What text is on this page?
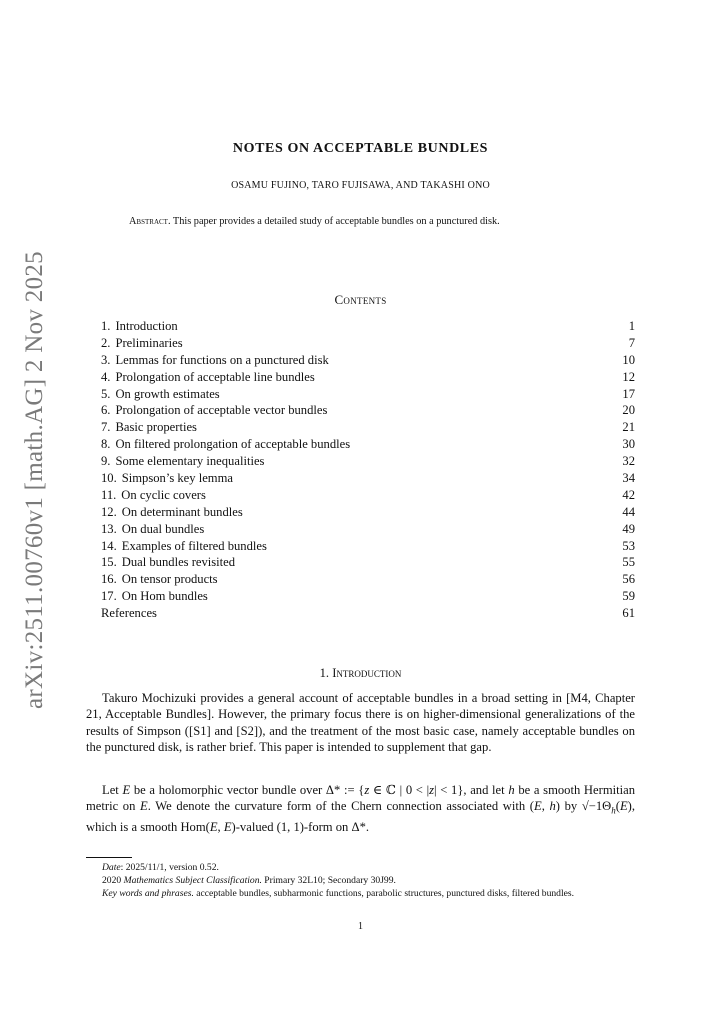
arXiv:2511.00760v1 [math.AG] 2 Nov 2025
NOTES ON ACCEPTABLE BUNDLES
OSAMU FUJINO, TARO FUJISAWA, AND TAKASHI ONO
Abstract. This paper provides a detailed study of acceptable bundles on a punctured disk.
Contents
1. Introduction	1
2. Preliminaries	7
3. Lemmas for functions on a punctured disk	10
4. Prolongation of acceptable line bundles	12
5. On growth estimates	17
6. Prolongation of acceptable vector bundles	20
7. Basic properties	21
8. On filtered prolongation of acceptable bundles	30
9. Some elementary inequalities	32
10. Simpson’s key lemma	34
11. On cyclic covers	42
12. On determinant bundles	44
13. On dual bundles	49
14. Examples of filtered bundles	53
15. Dual bundles revisited	55
16. On tensor products	56
17. On Hom bundles	59
References	61
1. Introduction

Takuro Mochizuki provides a general account of acceptable bundles in a broad setting in [M4, Chapter 21, Acceptable Bundles]. However, the primary focus there is on higher-dimensional generalizations of the results of Simpson ([S1] and [S2]), and the treatment of the most basic case, namely acceptable bundles on the punctured disk, is rather brief. This paper is intended to supplement that gap.

Let E be a holomorphic vector bundle over Δ* := {z ∈ ℂ | 0 < |z| < 1}, and let h be a smooth Hermitian metric on E. We denote the curvature form of the Chern connection associated with (E, h) by $√-1\Theta_h(E)$, which is a smooth Hom(E, E)-valued (1, 1)-form on Δ*.

Date: 2025/11/1, version 0.52.

2020 Mathematics Subject Classification. Primary 32L10; Secondary 30J99.

Key words and phrases. acceptable bundles, subharmonic functions, parabolic structures, punctured disks, filtered bundles.

1
